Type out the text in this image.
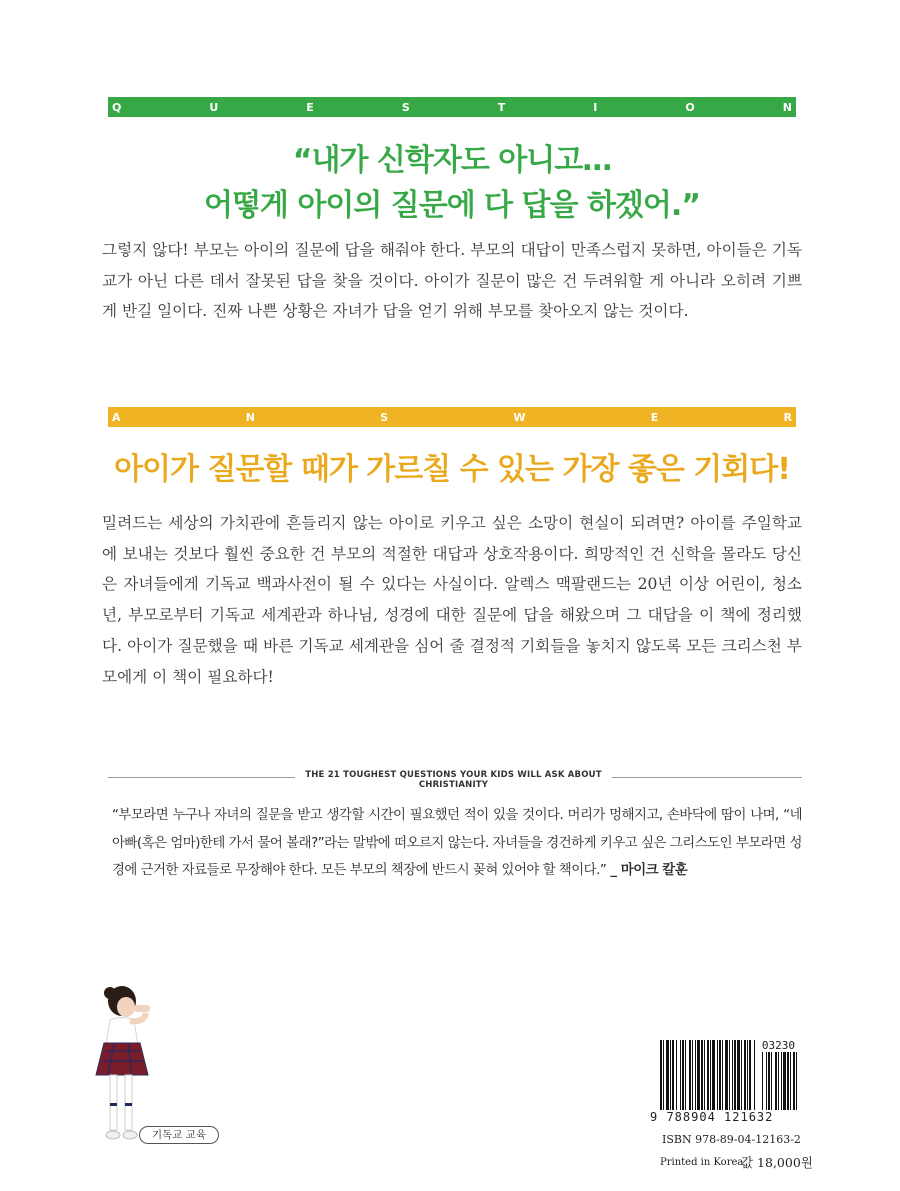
Q	U	E	S	T	I	O	N
“내가 신학자도 아니고…
어떻게 아이의 질문에 다 답을 하겠어.”

그렇지 않다! 부모는 아이의 질문에 답을 해줘야 한다. 부모의 대답이 만족스럽지 못하면, 아이들은 기독교가 아닌 다른 데서 잘못된 답을 찾을 것이다. 아이가 질문이 많은 건 두려워할 게 아니라 오히려 기쁘게 반길 일이다. 진짜 나쁜 상황은 자녀가 답을 얻기 위해 부모를 찾아오지 않는 것이다.

A	N	S	W	E	R
아이가 질문할 때가 가르칠 수 있는 가장 좋은 기회다!

밀려드는 세상의 가치관에 흔들리지 않는 아이로 키우고 싶은 소망이 현실이 되려면? 아이를 주일학교에 보내는 것보다 훨씬 중요한 건 부모의 적절한 대답과 상호작용이다. 희망적인 건 신학을 몰라도 당신은 자녀들에게 기독교 백과사전이 될 수 있다는 사실이다. 알렉스 맥팔랜드는 20년 이상 어린이, 청소년, 부모로부터 기독교 세계관과 하나님, 성경에 대한 질문에 답을 해왔으며 그 대답을 이 책에 정리했다. 아이가 질문했을 때 바른 기독교 세계관을 심어 줄 결정적 기회들을 놓치지 않도록 모든 크리스천 부모에게 이 책이 필요하다!

THE 21 TOUGHEST QUESTIONS YOUR KIDS WILL ASK ABOUT CHRISTIANITY

“부모라면 누구나 자녀의 질문을 받고 생각할 시간이 필요했던 적이 있을 것이다. 머리가 멍해지고, 손바닥에 땀이 나며, “네 아빠(혹은 엄마)한테 가서 물어 볼래?”라는 말밖에 떠오르지 않는다. 자녀들을 경건하게 키우고 싶은 그리스도인 부모라면 성경에 근거한 자료들로 무장해야 한다. 모든 부모의 책장에 반드시 꽂혀 있어야 할 책이다.” _ 마이크 칼훈

기독교 교육
03230
9 788904 121632
ISBN 978-89-04-12163-2
Printed in Korea
값 18,000원
